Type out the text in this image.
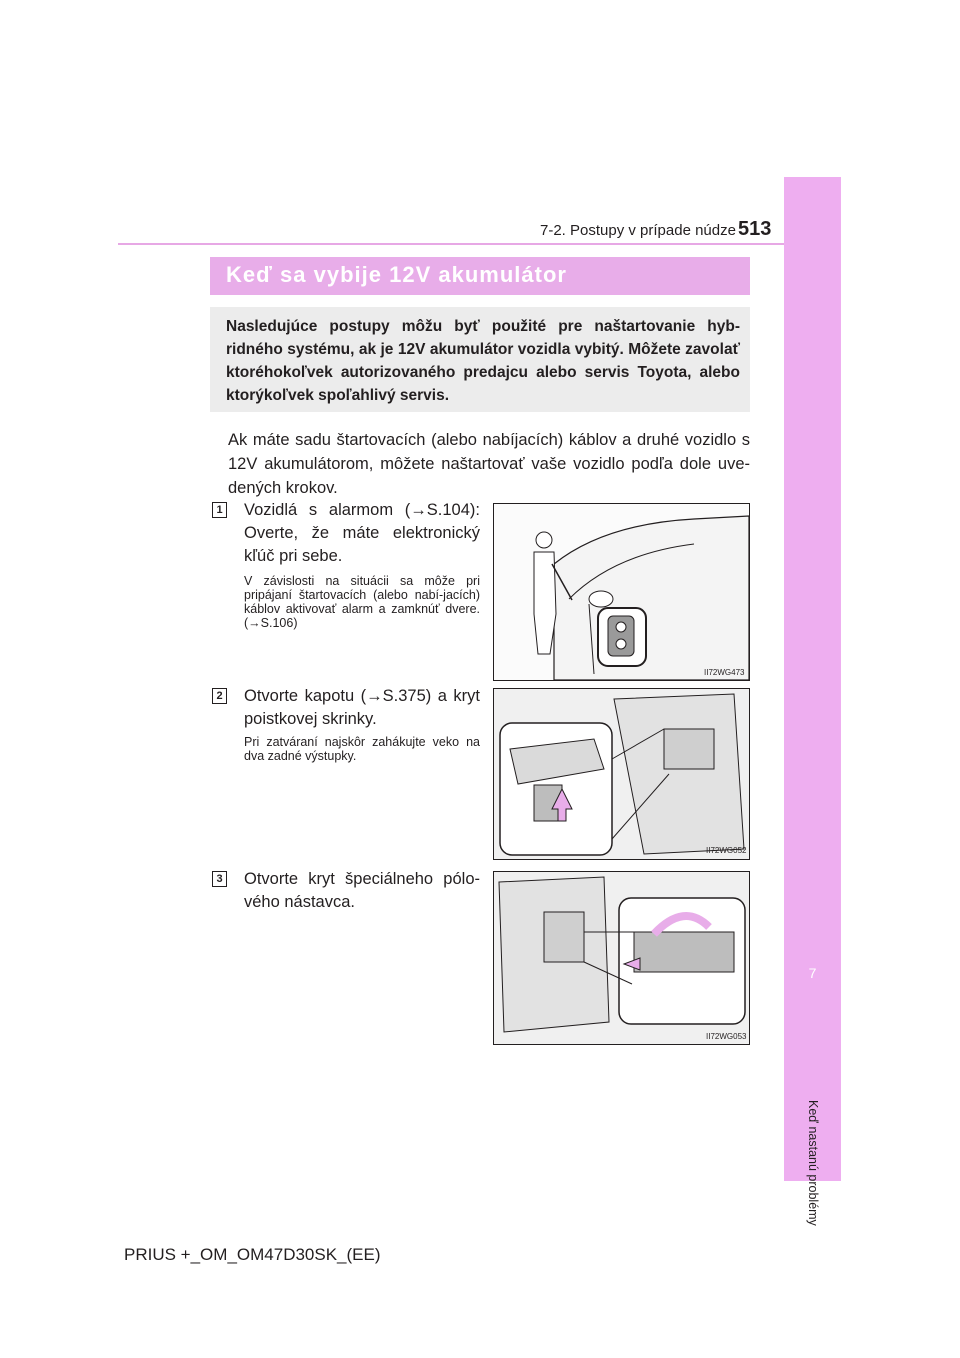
7-2. Postupy v prípade núdze 513
7
Keď nastanú problémy
Keď sa vybije 12V akumulátor
Nasledujúce postupy môžu byť použité pre naštartovanie hyb-ridného systému, ak je 12V akumulátor vozidla vybitý. Môžete zavolať ktoréhokoľvek autorizovaného predajcu alebo servis Toyota, alebo ktorýkoľvek spoľahlivý servis.
Ak máte sadu štartovacích (alebo nabíjacích) káblov a druhé vozidlo s 12V akumulátorom, môžete naštartovať vaše vozidlo podľa dole uve-dených krokov.
1 Vozidlá s alarmom (→S.104): Overte, že máte elektronický kľúč pri sebe.
V závislosti na situácii sa môže pri pripájaní štartovacích (alebo nabí-jacích) káblov aktivovať alarm a zamknúť dvere. (→S.106)
II72WG473
2 Otvorte kapotu (→S.375) a kryt poistkovej skrinky.
Pri zatváraní najskôr zahákujte veko na dva zadné výstupky.
II72WG052
3 Otvorte kryt špeciálneho pólo-vého nástavca.
II72WG053
PRIUS +_OM_OM47D30SK_(EE)
